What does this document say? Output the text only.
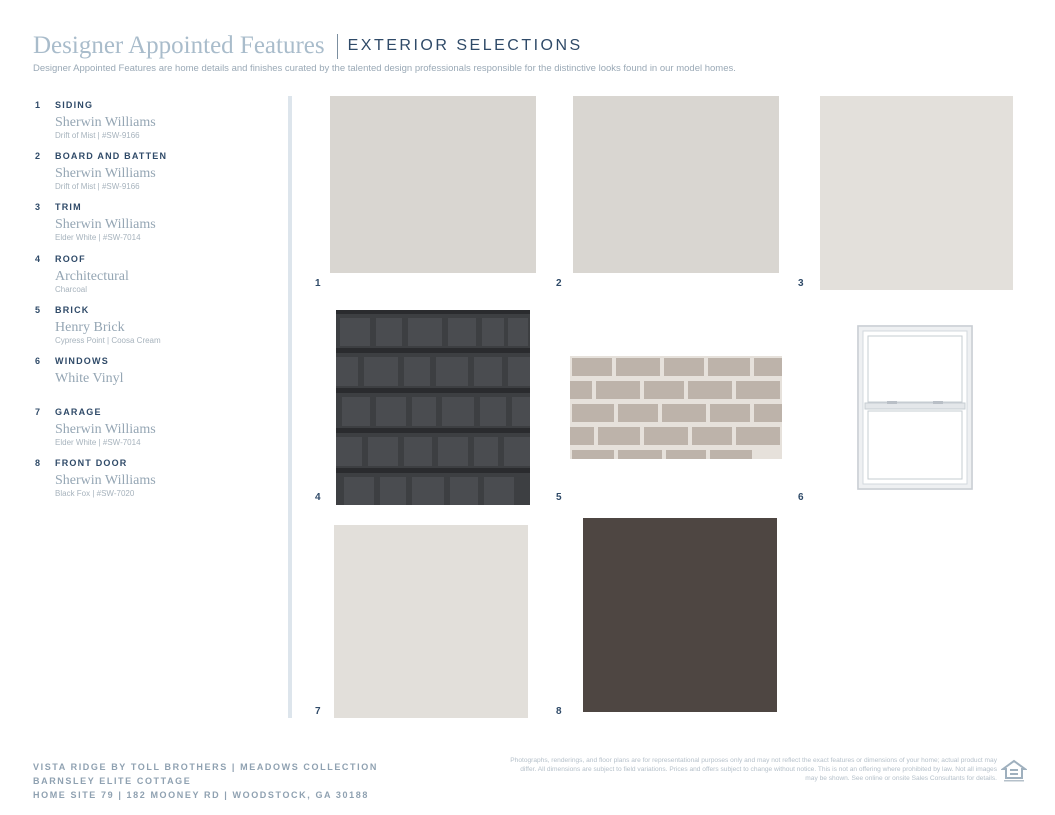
Designer Appointed Features EXTERIOR SELECTIONS
Designer Appointed Features are home details and finishes curated by the talented design professionals responsible for the distinctive looks found in our model homes.
1 SIDING
Sherwin Williams
Drift of Mist | #SW-9166
2 BOARD AND BATTEN
Sherwin Williams
Drift of Mist | #SW-9166
3 TRIM
Sherwin Williams
Elder White | #SW-7014
4 ROOF
Architectural
Charcoal
5 BRICK
Henry Brick
Cypress Point | Coosa Cream
6 WINDOWS
White Vinyl
7 GARAGE
Sherwin Williams
Elder White | #SW-7014
8 FRONT DOOR
Sherwin Williams
Black Fox | #SW-7020
1	2	3
4	5	6
7	8
VISTA RIDGE BY TOLL BROTHERS | MEADOWS COLLECTION
BARNSLEY ELITE COTTAGE
HOME SITE 79 | 182 MOONEY RD | WOODSTOCK, GA 30188
Photographs, renderings, and floor plans are for representational purposes only and may not reflect the exact features or dimensions of your home; actual product may differ. All dimensions are subject to field variations. Prices and offers subject to change without notice. This is not an offering where prohibited by law. Not all images may be shown. See online or onsite Sales Consultants for details.
